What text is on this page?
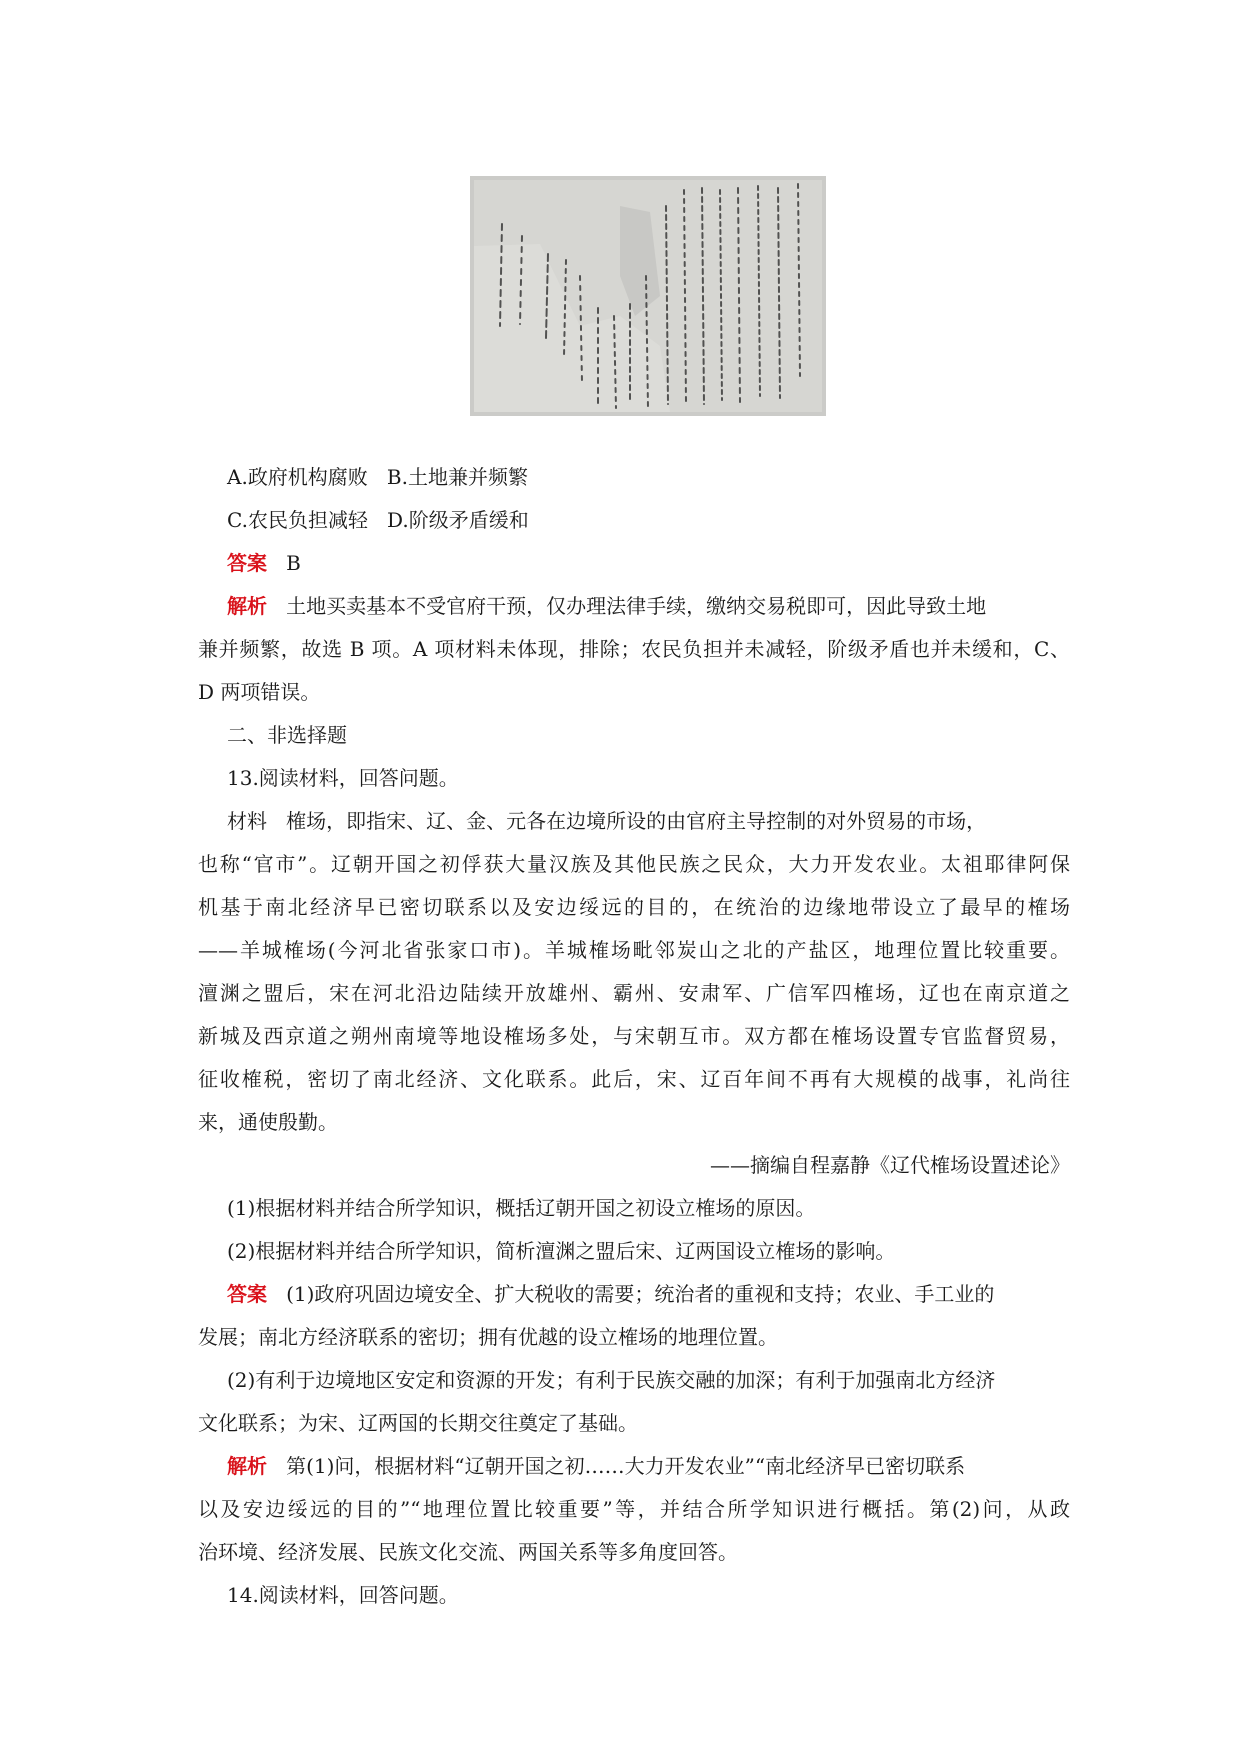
A.政府机构腐败 B.土地兼并频繁
C.农民负担减轻 D.阶级矛盾缓和
答案 B
解析 土地买卖基本不受官府干预，仅办理法律手续，缴纳交易税即可，因此导致土地
兼并频繁，故选 B 项。A 项材料未体现，排除；农民负担并未减轻，阶级矛盾也并未缓和，C、
D 两项错误。
二、非选择题
13.阅读材料，回答问题。
材料 榷场，即指宋、辽、金、元各在边境所设的由官府主导控制的对外贸易的市场，
也称“官市”。辽朝开国之初俘获大量汉族及其他民族之民众，大力开发农业。太祖耶律阿保
机基于南北经济早已密切联系以及安边绥远的目的，在统治的边缘地带设立了最早的榷场
——羊城榷场(今河北省张家口市)。羊城榷场毗邻炭山之北的产盐区，地理位置比较重要。
澶渊之盟后，宋在河北沿边陆续开放雄州、霸州、安肃军、广信军四榷场，辽也在南京道之
新城及西京道之朔州南境等地设榷场多处，与宋朝互市。双方都在榷场设置专官监督贸易，
征收榷税，密切了南北经济、文化联系。此后，宋、辽百年间不再有大规模的战事，礼尚往
来，通使殷勤。
——摘编自程嘉静《辽代榷场设置述论》
(1)根据材料并结合所学知识，概括辽朝开国之初设立榷场的原因。
(2)根据材料并结合所学知识，简析澶渊之盟后宋、辽两国设立榷场的影响。
答案 (1)政府巩固边境安全、扩大税收的需要；统治者的重视和支持；农业、手工业的
发展；南北方经济联系的密切；拥有优越的设立榷场的地理位置。
(2)有利于边境地区安定和资源的开发；有利于民族交融的加深；有利于加强南北方经济
文化联系；为宋、辽两国的长期交往奠定了基础。
解析 第(1)问，根据材料“辽朝开国之初……大力开发农业”“南北经济早已密切联系
以及安边绥远的目的”“地理位置比较重要”等，并结合所学知识进行概括。第(2)问，从政
治环境、经济发展、民族文化交流、两国关系等多角度回答。
14.阅读材料，回答问题。
